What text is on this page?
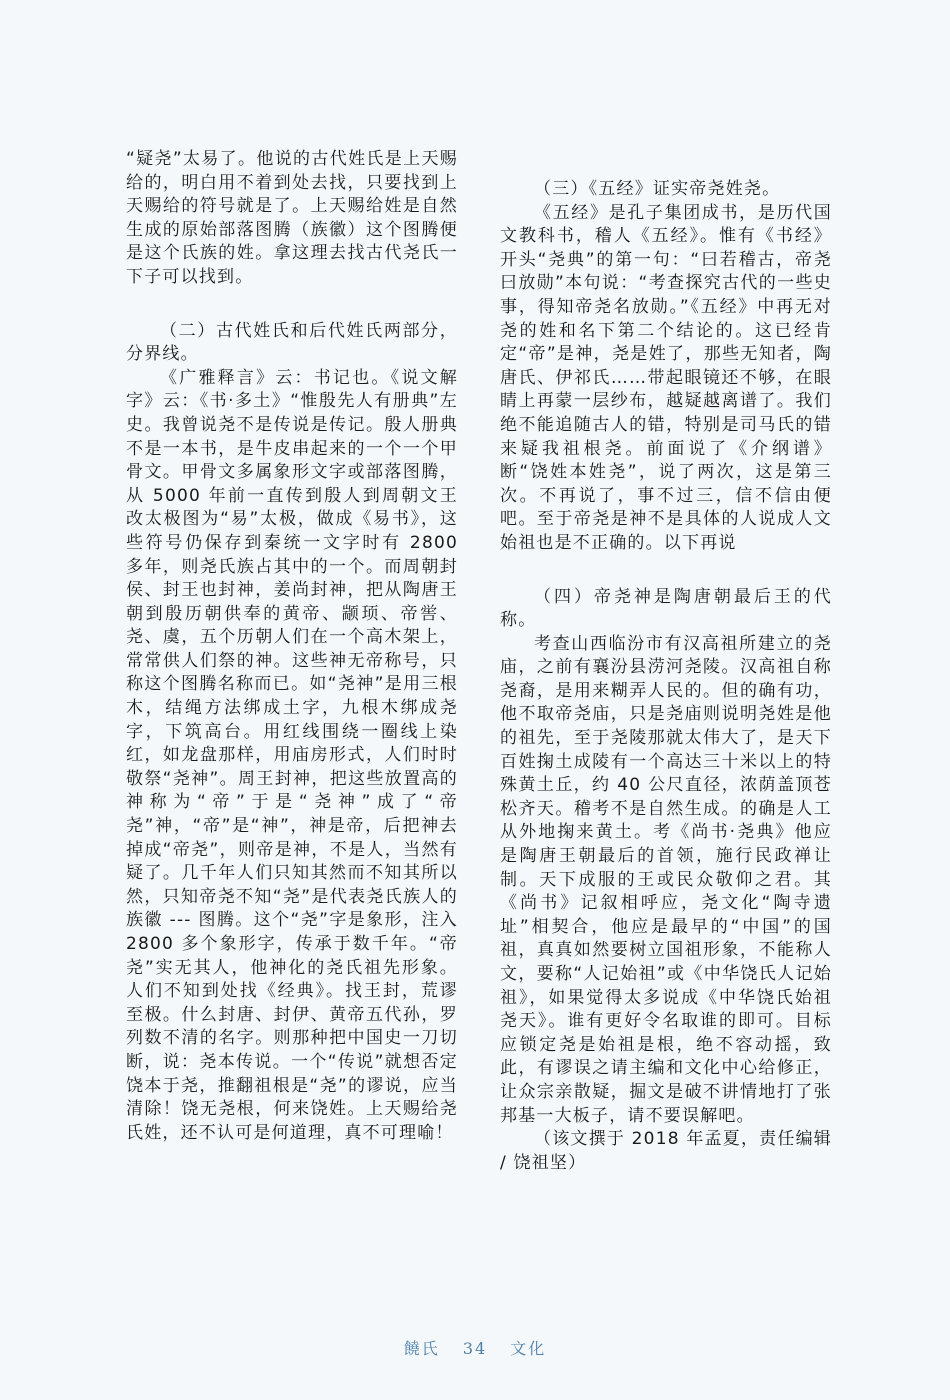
“疑尧”太易了。他说的古代姓氏是上天赐给的，明白用不着到处去找，只要找到上天赐给的符号就是了。上天赐给姓是自然生成的原始部落图腾（族徽）这个图腾便是这个氏族的姓。拿这理去找古代尧氏一下子可以找到。

（二）古代姓氏和后代姓氏两部分，分界线。

《广雅释言》云：书记也。《说文解字》云：《书·多土》“惟殷先人有册典”左史。我曾说尧不是传说是传记。殷人册典不是一本书，是牛皮串起来的一个一个甲骨文。甲骨文多属象形文字或部落图腾，从 5000 年前一直传到殷人到周朝文王改太极图为“易”太极，做成《易书》，这些符号仍保存到秦统一文字时有 2800 多年，则尧氏族占其中的一个。而周朝封侯、封王也封神，姜尚封神，把从陶唐王朝到殷历朝供奉的黄帝、颛顼、帝喾、尧、虞，五个历朝人们在一个高木架上，常常供人们祭的神。这些神无帝称号，只称这个图腾名称而已。如“尧神”是用三根木，结绳方法绑成土字，九根木绑成尧字，下筑高台。用红线围绕一圈线上染红，如龙盘那样，用庙房形式，人们时时敬祭“尧神”。周王封神，把这些放置高的神称为“帝”于是“尧神”成了“帝尧”神，“帝”是“神”，神是帝，后把神去掉成“帝尧”，则帝是神，不是人，当然有疑了。几千年人们只知其然而不知其所以然，只知帝尧不知“尧”是代表尧氏族人的族徽 --- 图腾。这个“尧”字是象形，注入 2800 多个象形字，传承于数千年。“帝尧”实无其人，他神化的尧氏祖先形象。人们不知到处找《经典》。找王封，荒谬至极。什么封唐、封伊、黄帝五代孙，罗列数不清的名字。则那种把中国史一刀切断，说：尧本传说。一个“传说”就想否定饶本于尧，推翻祖根是“尧”的谬说，应当清除！饶无尧根，何来饶姓。上天赐给尧氏姓，还不认可是何道理，真不可理喻！

（三）《五经》证实帝尧姓尧。

《五经》是孔子集团成书，是历代国文教科书，稽人《五经》。惟有《书经》开头“尧典”的第一句：“曰若稽古，帝尧曰放勋”本句说：“考查探究古代的一些史事，得知帝尧名放勋。”《五经》中再无对尧的姓和名下第二个结论的。这已经肯定“帝”是神，尧是姓了，那些无知者，陶唐氏、伊祁氏……带起眼镜还不够，在眼睛上再蒙一层纱布，越疑越离谱了。我们绝不能追随古人的错，特别是司马氏的错来疑我祖根尧。前面说了《介纲谱》断“饶姓本姓尧”，说了两次，这是第三次。不再说了，事不过三，信不信由便吧。至于帝尧是神不是具体的人说成人文始祖也是不正确的。以下再说

（四）帝尧神是陶唐朝最后王的代称。

考查山西临汾市有汉高祖所建立的尧庙，之前有襄汾县涝河尧陵。汉高祖自称尧裔，是用来糊弄人民的。但的确有功，他不取帝尧庙，只是尧庙则说明尧姓是他的祖先，至于尧陵那就太伟大了，是天下百姓掬土成陵有一个高达三十米以上的特殊黄土丘，约 40 公尺直径，浓荫盖顶苍松齐天。稽考不是自然生成。的确是人工从外地掬来黄土。考《尚书·尧典》他应是陶唐王朝最后的首领，施行民政禅让制。天下成服的王或民众敬仰之君。其《尚书》记叙相呼应，尧文化“陶寺遗址”相契合，他应是最早的“中国”的国祖，真真如然要树立国祖形象，不能称人文，要称“人记始祖”或《中华饶氏人记始祖》，如果觉得太多说成《中华饶氏始祖尧天》。谁有更好令名取谁的即可。目标应锁定尧是始祖是根，绝不容动摇，致此，有谬误之请主编和文化中心给修正，让众宗亲散疑，掘文是破不讲情地打了张邦基一大板子，请不要误解吧。

（该文撰于 2018 年孟夏，责任编辑 / 饶祖坚）

饒氏 34 文化
